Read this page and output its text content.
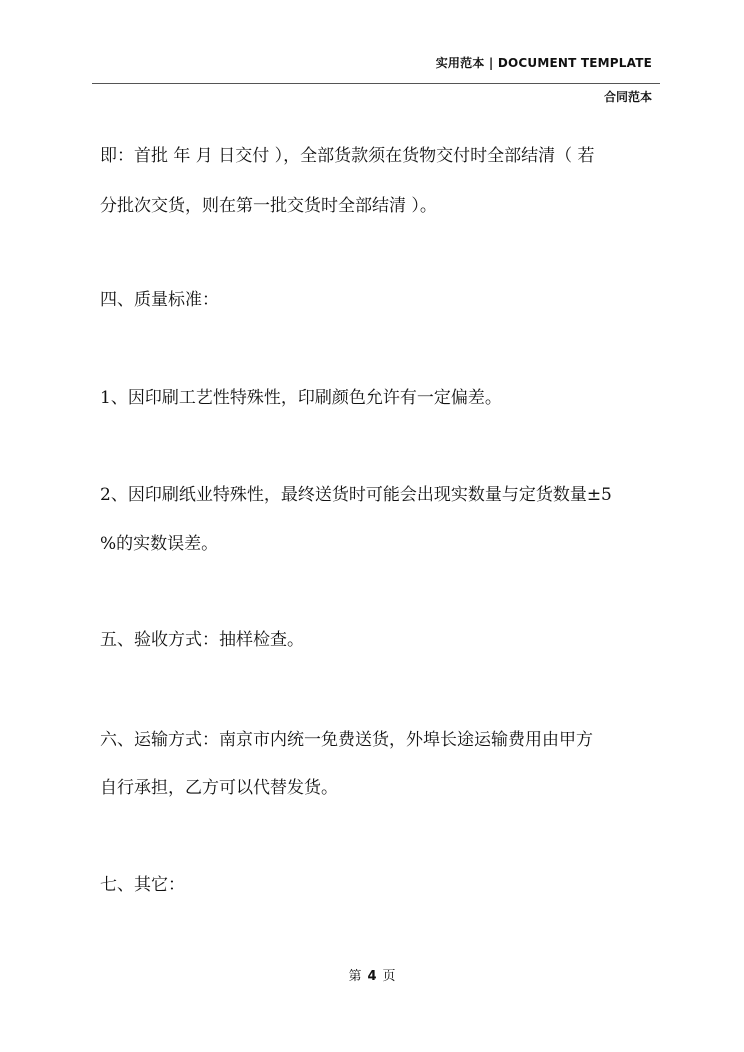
实用范本 | DOCUMENT TEMPLATE
合同范本
即：首批 年 月 日交付 ），全部货款须在货物交付时全部结清（ 若
分批次交货，则在第一批交货时全部结清 ）。
四、质量标准：
1、因印刷工艺性特殊性，印刷颜色允许有一定偏差。
2、因印刷纸业特殊性，最终送货时可能会出现实数量与定货数量±5
%的实数误差。
五、验收方式：抽样检查。
六、运输方式：南京市内统一免费送货，外埠长途运输费用由甲方
自行承担，乙方可以代替发货。
七、其它：
第 4 页
